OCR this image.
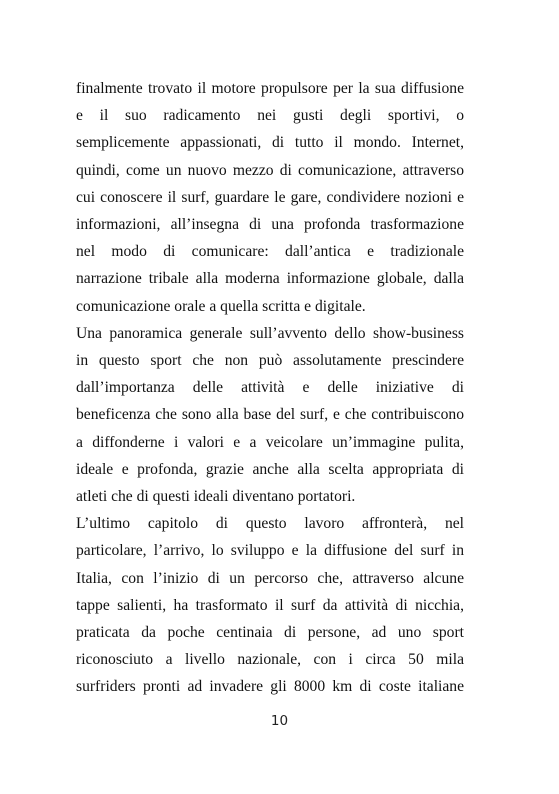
finalmente trovato il motore propulsore per la sua diffusione
e il suo radicamento nei gusti degli sportivi, o
semplicemente appassionati, di tutto il mondo. Internet,
quindi, come un nuovo mezzo di comunicazione, attraverso
cui conoscere il surf, guardare le gare, condividere nozioni e
informazioni, all’insegna di una profonda trasformazione
nel modo di comunicare: dall’antica e tradizionale
narrazione tribale alla moderna informazione globale, dalla
comunicazione orale a quella scritta e digitale.

Una panoramica generale sull’avvento dello show-business
in questo sport che non può assolutamente prescindere
dall’importanza delle attività e delle iniziative di
beneficenza che sono alla base del surf, e che contribuiscono
a diffonderne i valori e a veicolare un’immagine pulita,
ideale e profonda, grazie anche alla scelta appropriata di
atleti che di questi ideali diventano portatori.

L’ultimo capitolo di questo lavoro affronterà, nel
particolare, l’arrivo, lo sviluppo e la diffusione del surf in
Italia, con l’inizio di un percorso che, attraverso alcune
tappe salienti, ha trasformato il surf da attività di nicchia,
praticata da poche centinaia di persone, ad uno sport
riconosciuto a livello nazionale, con i circa 50 mila
surfriders pronti ad invadere gli 8000 km di coste italiane

10
